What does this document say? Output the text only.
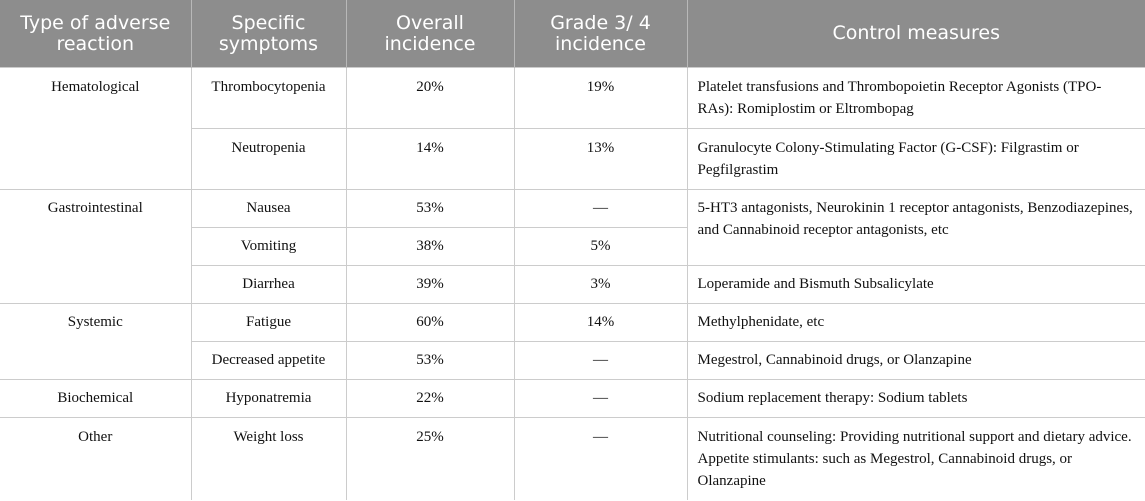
Type of adverse reaction	Specific symptoms	Overall incidence	Grade 3/ 4 incidence	Control measures
Hematological	Thrombocytopenia	20%	19%	Platelet transfusions and Thrombopoietin Receptor Agonists (TPO-RAs): Romiplostim or Eltrombopag
	Neutropenia	14%	13%	Granulocyte Colony-Stimulating Factor (G-CSF): Filgrastim or Pegfilgrastim
Gastrointestinal	Nausea	53%	—	5-HT3 antagonists, Neurokinin 1 receptor antagonists, Benzodiazepines, and Cannabinoid receptor antagonists, etc
	Vomiting	38%	5%	
	Diarrhea	39%	3%	Loperamide and Bismuth Subsalicylate
Systemic	Fatigue	60%	14%	Methylphenidate, etc
	Decreased appetite	53%	—	Megestrol, Cannabinoid drugs, or Olanzapine
Biochemical	Hyponatremia	22%	—	Sodium replacement therapy: Sodium tablets
Other	Weight loss	25%	—	Nutritional counseling: Providing nutritional support and dietary advice. Appetite stimulants: such as Megestrol, Cannabinoid drugs, or Olanzapine
